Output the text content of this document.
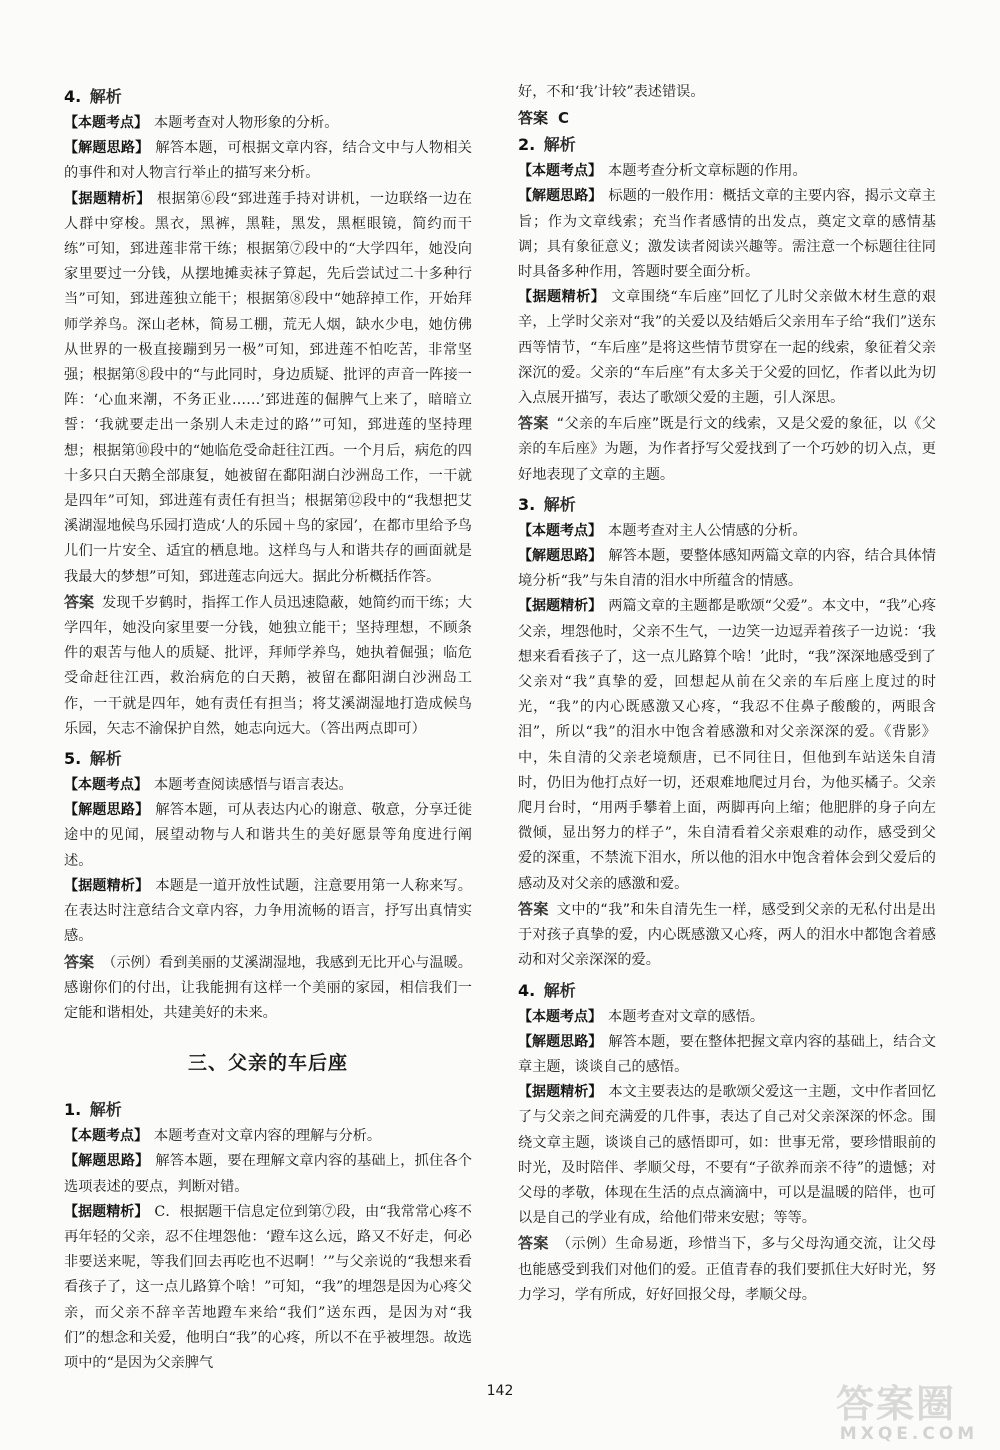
4. 解析

【本题考点】 本题考查对人物形象的分析。

【解题思路】 解答本题，可根据文章内容，结合文中与人物相关的事件和对人物言行举止的描写来分析。

【据题精析】 根据第⑥段“郅进莲手持对讲机，一边联络一边在人群中穿梭。黑衣，黑裤，黑鞋，黑发，黑框眼镜，简约而干练”可知，郅进莲非常干练；根据第⑦段中的“大学四年，她没向家里要过一分钱，从摆地摊卖袜子算起，先后尝试过二十多种行当”可知，郅进莲独立能干；根据第⑧段中“她辞掉工作，开始拜师学养鸟。深山老林，简易工棚，荒无人烟，缺水少电，她仿佛从世界的一极直接蹦到另一极”可知，郅进莲不怕吃苦，非常坚强；根据第⑧段中的“与此同时，身边质疑、批评的声音一阵接一阵：‘心血来潮，不务正业……’郅进莲的倔脾气上来了，暗暗立誓：‘我就要走出一条别人未走过的路’”可知，郅进莲的坚持理想；根据第⑩段中的“她临危受命赶往江西。一个月后，病危的四十多只白天鹅全部康复，她被留在鄱阳湖白沙洲岛工作，一干就是四年”可知，郅进莲有责任有担当；根据第⑫段中的“我想把艾溪湖湿地候鸟乐园打造成‘人的乐园＋鸟的家园’，在都市里给予鸟儿们一片安全、适宜的栖息地。这样鸟与人和谐共存的画面就是我最大的梦想”可知，郅进莲志向远大。据此分析概括作答。

答案 发现千岁鹤时，指挥工作人员迅速隐蔽，她简约而干练；大学四年，她没向家里要一分钱，她独立能干；坚持理想，不顾条件的艰苦与他人的质疑、批评，拜师学养鸟，她执着倔强；临危受命赶往江西，救治病危的白天鹅，被留在鄱阳湖白沙洲岛工作，一干就是四年，她有责任有担当；将艾溪湖湿地打造成候鸟乐园，矢志不渝保护自然，她志向远大。（答出两点即可）

5. 解析

【本题考点】 本题考查阅读感悟与语言表达。

【解题思路】 解答本题，可从表达内心的谢意、敬意，分享迁徙途中的见闻，展望动物与人和谐共生的美好愿景等角度进行阐述。

【据题精析】 本题是一道开放性试题，注意要用第一人称来写。在表达时注意结合文章内容，力争用流畅的语言，抒写出真情实感。

答案 （示例）看到美丽的艾溪湖湿地，我感到无比开心与温暖。感谢你们的付出，让我能拥有这样一个美丽的家园，相信我们一定能和谐相处，共建美好的未来。

三、父亲的车后座
1. 解析

【本题考点】 本题考查对文章内容的理解与分析。

【解题思路】 解答本题，要在理解文章内容的基础上，抓住各个选项表述的要点，判断对错。

【据题精析】 C．根据题干信息定位到第⑦段，由“我常常心疼不再年轻的父亲，忍不住埋怨他：‘蹬车这么远，路又不好走，何必非要送来呢，等我们回去再吃也不迟啊！’”与父亲说的“我想来看看孩子了，这一点儿路算个啥！”可知，“我”的埋怨是因为心疼父亲，而父亲不辞辛苦地蹬车来给“我们”送东西，是因为对“我们”的想念和关爱，他明白“我”的心疼，所以不在乎被埋怨。故选项中的“是因为父亲脾气

好，不和‘我’计较”表述错误。

答案 C
2. 解析

【本题考点】 本题考查分析文章标题的作用。

【解题思路】 标题的一般作用：概括文章的主要内容，揭示文章主旨；作为文章线索；充当作者感情的出发点，奠定文章的感情基调；具有象征意义；激发读者阅读兴趣等。需注意一个标题往往同时具备多种作用，答题时要全面分析。

【据题精析】 文章围绕“车后座”回忆了儿时父亲做木材生意的艰辛，上学时父亲对“我”的关爱以及结婚后父亲用车子给“我们”送东西等情节，“车后座”是将这些情节贯穿在一起的线索，象征着父亲深沉的爱。父亲的“车后座”有太多关于父爱的回忆，作者以此为切入点展开描写，表达了歌颂父爱的主题，引人深思。

答案 “父亲的车后座”既是行文的线索，又是父爱的象征，以《父亲的车后座》为题，为作者抒写父爱找到了一个巧妙的切入点，更好地表现了文章的主题。

3. 解析

【本题考点】 本题考查对主人公情感的分析。

【解题思路】 解答本题，要整体感知两篇文章的内容，结合具体情境分析“我”与朱自清的泪水中所蕴含的情感。

【据题精析】 两篇文章的主题都是歌颂“父爱”。本文中，“我”心疼父亲，埋怨他时，父亲不生气，一边笑一边逗弄着孩子一边说：‘我想来看看孩子了，这一点儿路算个啥！’此时，“我”深深地感受到了父亲对“我”真挚的爱，回想起从前在父亲的车后座上度过的时光，“我”的内心既感激又心疼，“我忍不住鼻子酸酸的，两眼含泪”，所以“我”的泪水中饱含着感激和对父亲深深的爱。《背影》中，朱自清的父亲老境颓唐，已不同往日，但他到车站送朱自清时，仍旧为他打点好一切，还艰难地爬过月台，为他买橘子。父亲爬月台时，“用两手攀着上面，两脚再向上缩；他肥胖的身子向左微倾，显出努力的样子”，朱自清看着父亲艰难的动作，感受到父爱的深重，不禁流下泪水，所以他的泪水中饱含着体会到父爱后的感动及对父亲的感激和爱。

答案 文中的“我”和朱自清先生一样，感受到父亲的无私付出是出于对孩子真挚的爱，内心既感激又心疼，两人的泪水中都饱含着感动和对父亲深深的爱。

4. 解析

【本题考点】 本题考查对文章的感悟。

【解题思路】 解答本题，要在整体把握文章内容的基础上，结合文章主题，谈谈自己的感悟。

【据题精析】 本文主要表达的是歌颂父爱这一主题，文中作者回忆了与父亲之间充满爱的几件事，表达了自己对父亲深深的怀念。围绕文章主题，谈谈自己的感悟即可，如：世事无常，要珍惜眼前的时光，及时陪伴、孝顺父母，不要有“子欲养而亲不待”的遗憾；对父母的孝敬，体现在生活的点点滴滴中，可以是温暖的陪伴，也可以是自己的学业有成，给他们带来安慰；等等。

答案 （示例）生命易逝，珍惜当下，多与父母沟通交流，让父母也能感受到我们对他们的爱。正值青春的我们要抓住大好时光，努力学习，学有所成，好好回报父母，孝顺父母。

142	答案圈
MXQE.COM
